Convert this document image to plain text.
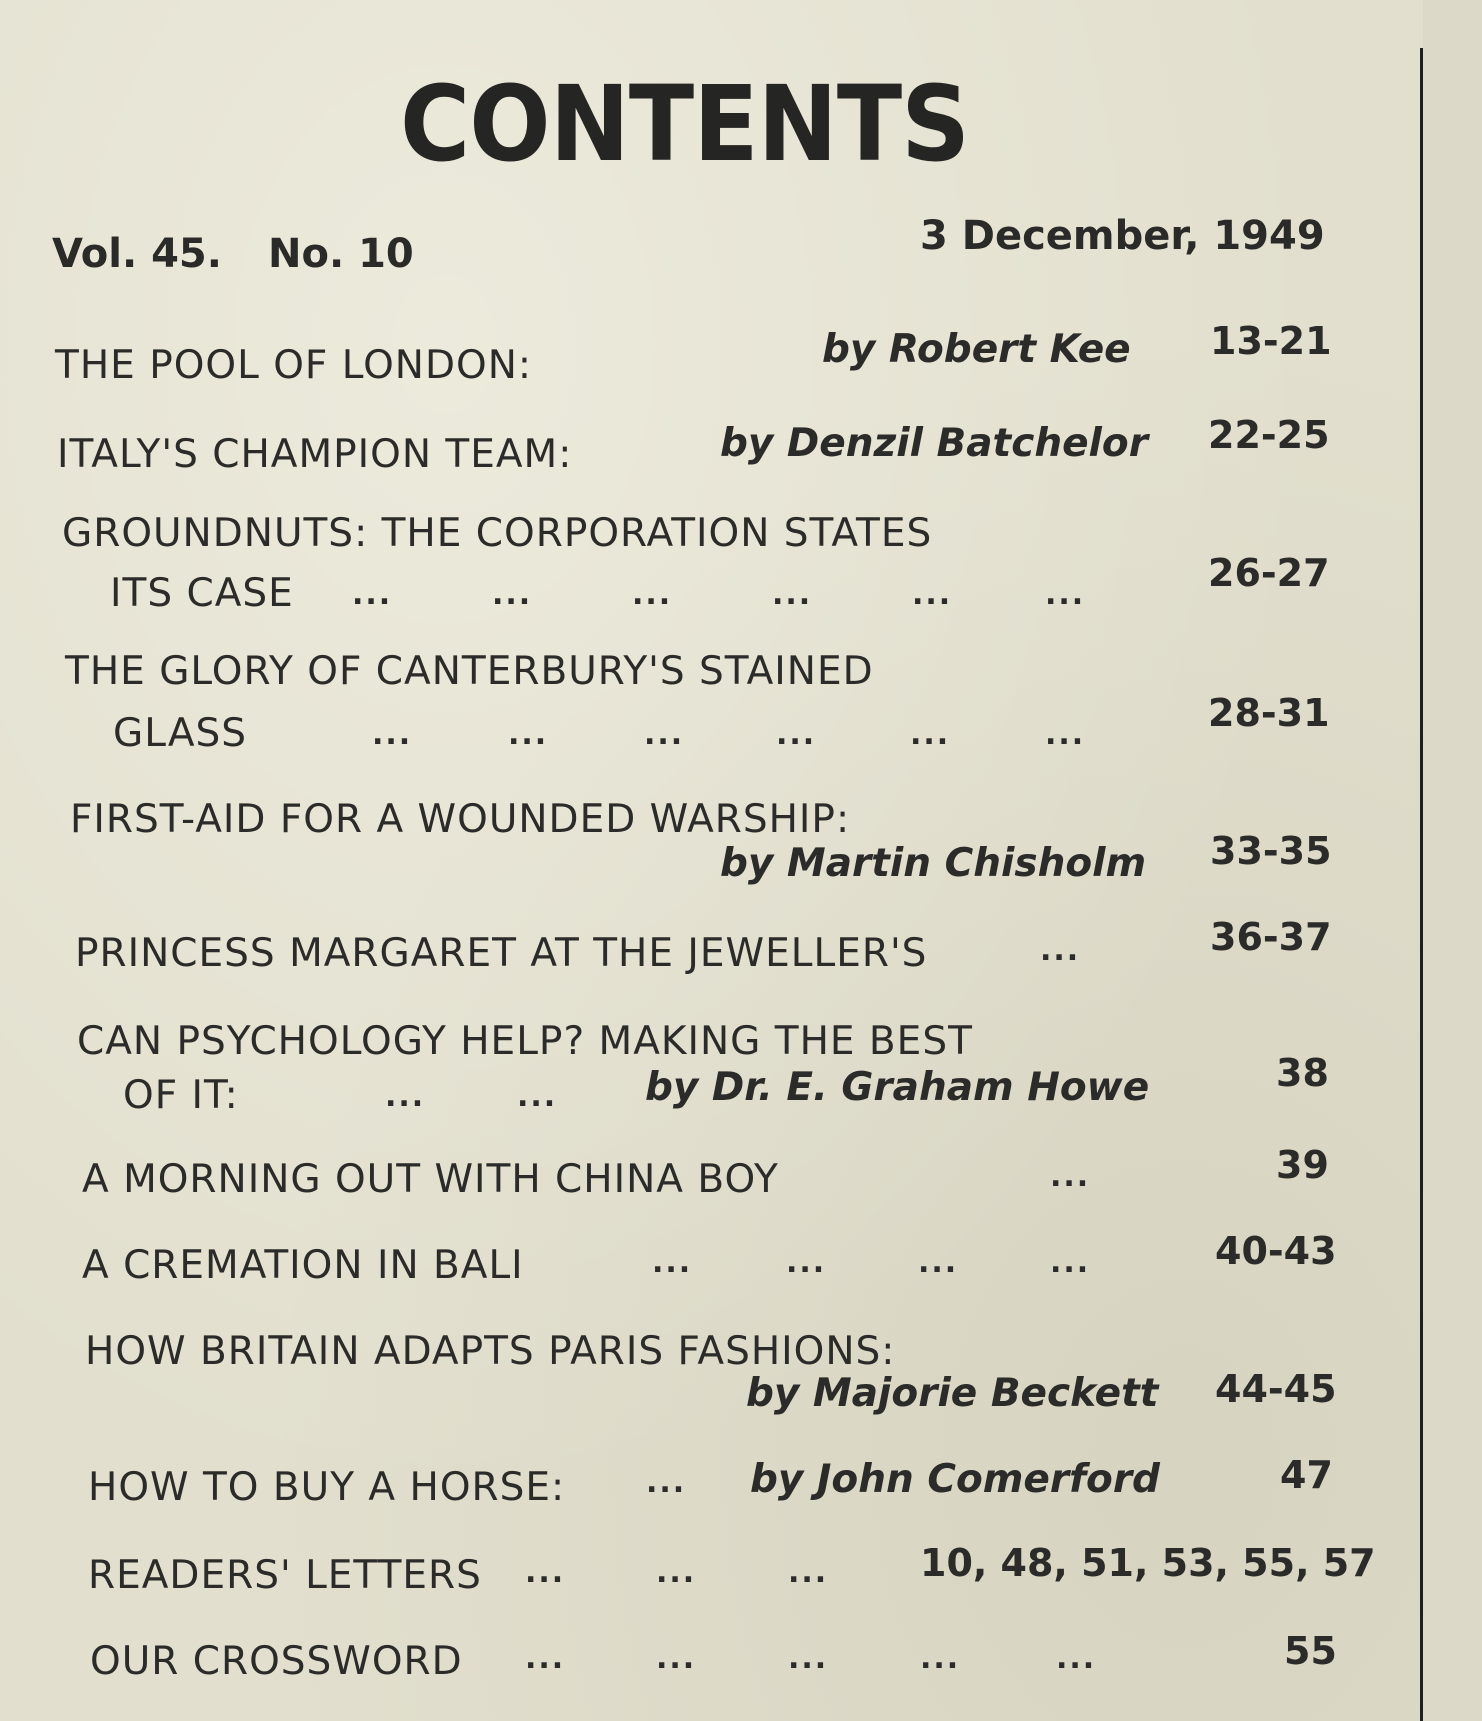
CONTENTS
Vol. 45. No. 10	3 December, 1949
THE POOL OF LONDON:	by Robert Kee 13-21
ITALY'S CHAMPION TEAM:	by Denzil Batchelor 22-25
GROUNDNUTS: THE CORPORATION STATES
ITS CASE ...	...	...	...	...	...	26-27
THE GLORY OF CANTERBURY'S STAINED
GLASS	...	...	...	...	...	...	28-31
FIRST-AID FOR A WOUNDED WARSHIP:
by Martin Chisholm 33-35
PRINCESS MARGARET AT THE JEWELLER'S	...	36-37
CAN PSYCHOLOGY HELP? MAKING THE BEST
OF IT:	...	... by Dr. E. Graham Howe	38
A MORNING OUT WITH CHINA BOY	...	39
A CREMATION IN BALI	...	...	...	...	40-43
HOW BRITAIN ADAPTS PARIS FASHIONS:
by Majorie Beckett 44-45
HOW TO BUY A HORSE:	... by John Comerford	47
READERS' LETTERS ...	...	... 10, 48, 51, 53, 55, 57
OUR CROSSWORD ...	...	...	...	...	55
